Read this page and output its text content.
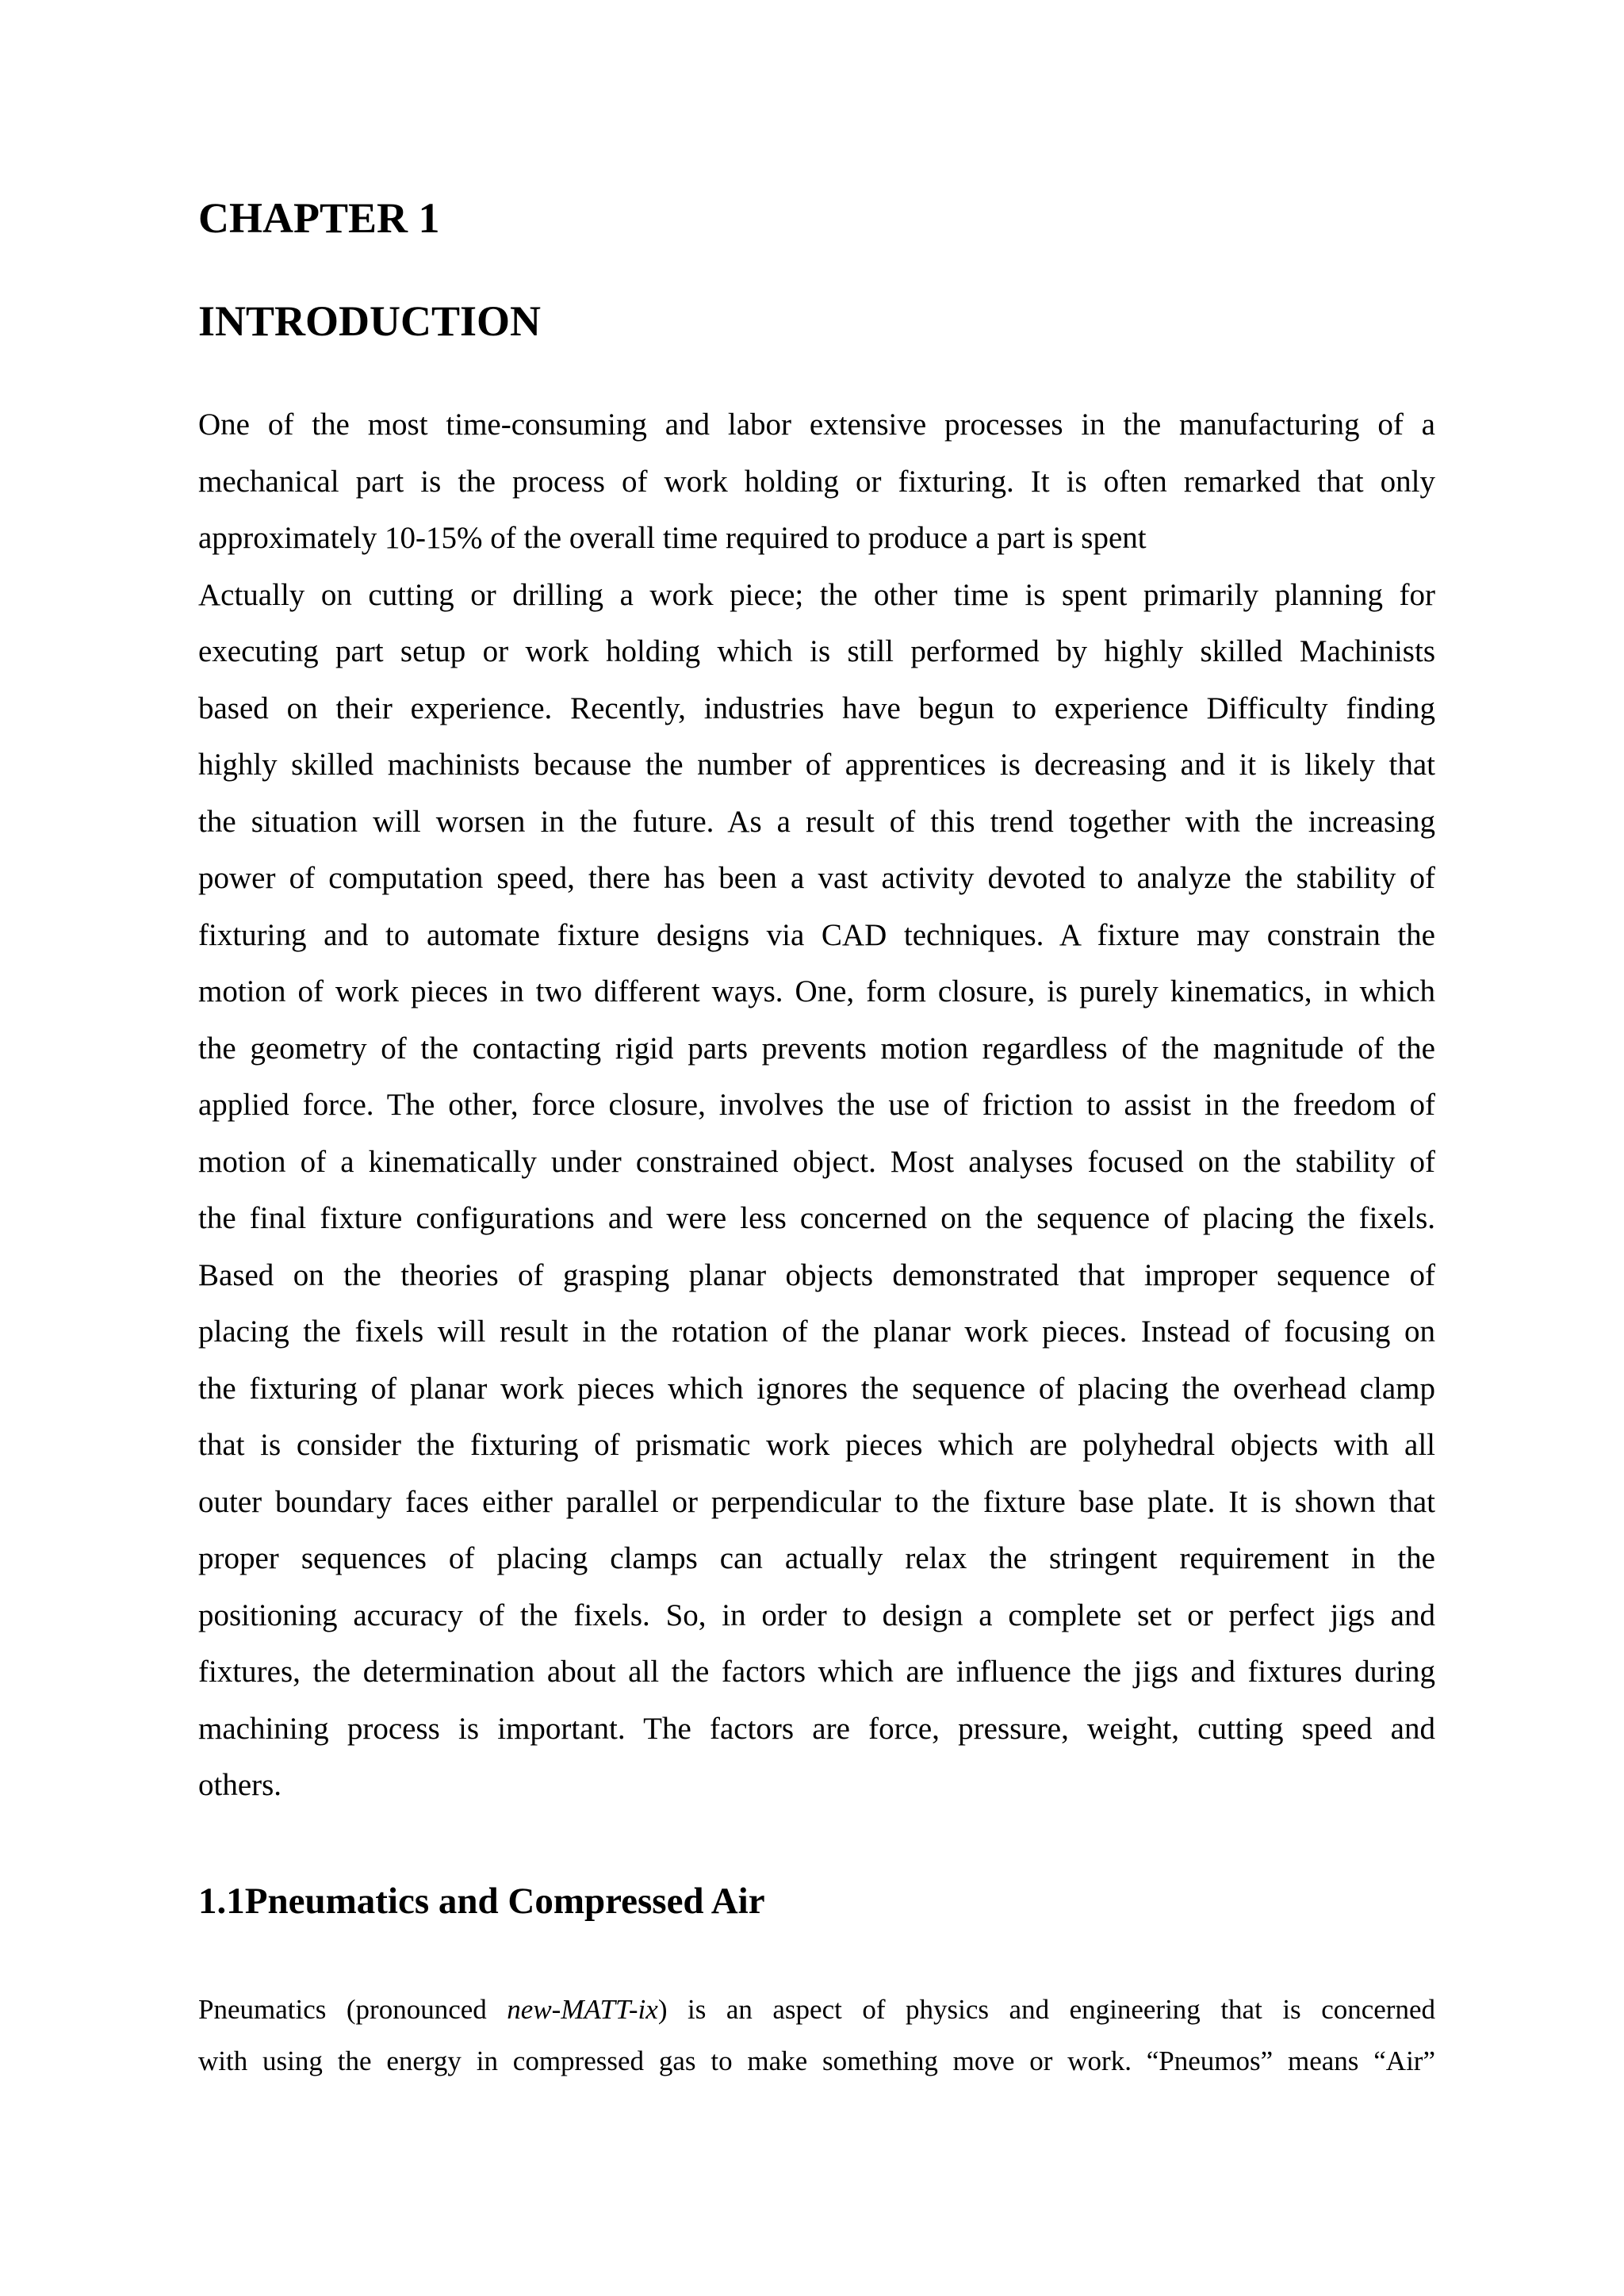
CHAPTER 1
INTRODUCTION
One of the most time-consuming and labor extensive processes in the manufacturing of a
mechanical part is the process of work holding or fixturing. It is often remarked that only
approximately 10-15% of the overall time required to produce a part is spent
Actually on cutting or drilling a work piece; the other time is spent primarily planning for
executing part setup or work holding which is still performed by highly skilled Machinists
based on their experience. Recently, industries have begun to experience Difficulty finding
highly skilled machinists because the number of apprentices is decreasing and it is likely that
the situation will worsen in the future. As a result of this trend together with the increasing
power of computation speed, there has been a vast activity devoted to analyze the stability of
fixturing and to automate fixture designs via CAD techniques. A fixture may constrain the
motion of work pieces in two different ways. One, form closure, is purely kinematics, in which
the geometry of the contacting rigid parts prevents motion regardless of the magnitude of the
applied force. The other, force closure, involves the use of friction to assist in the freedom of
motion of a kinematically under constrained object. Most analyses focused on the stability of
the final fixture configurations and were less concerned on the sequence of placing the fixels.
Based on the theories of grasping planar objects demonstrated that improper sequence of
placing the fixels will result in the rotation of the planar work pieces. Instead of focusing on
the fixturing of planar work pieces which ignores the sequence of placing the overhead clamp
that is consider the fixturing of prismatic work pieces which are polyhedral objects with all
outer boundary faces either parallel or perpendicular to the fixture base plate. It is shown that
proper sequences of placing clamps can actually relax the stringent requirement in the
positioning accuracy of the fixels. So, in order to design a complete set or perfect jigs and
fixtures, the determination about all the factors which are influence the jigs and fixtures during
machining process is important. The factors are force, pressure, weight, cutting speed and
others.
1.1Pneumatics and Compressed Air
Pneumatics (pronounced new-MATT-ix) is an aspect of physics and engineering that is concerned
with using the energy in compressed gas to make something move or work. “Pneumos” means “Air”
